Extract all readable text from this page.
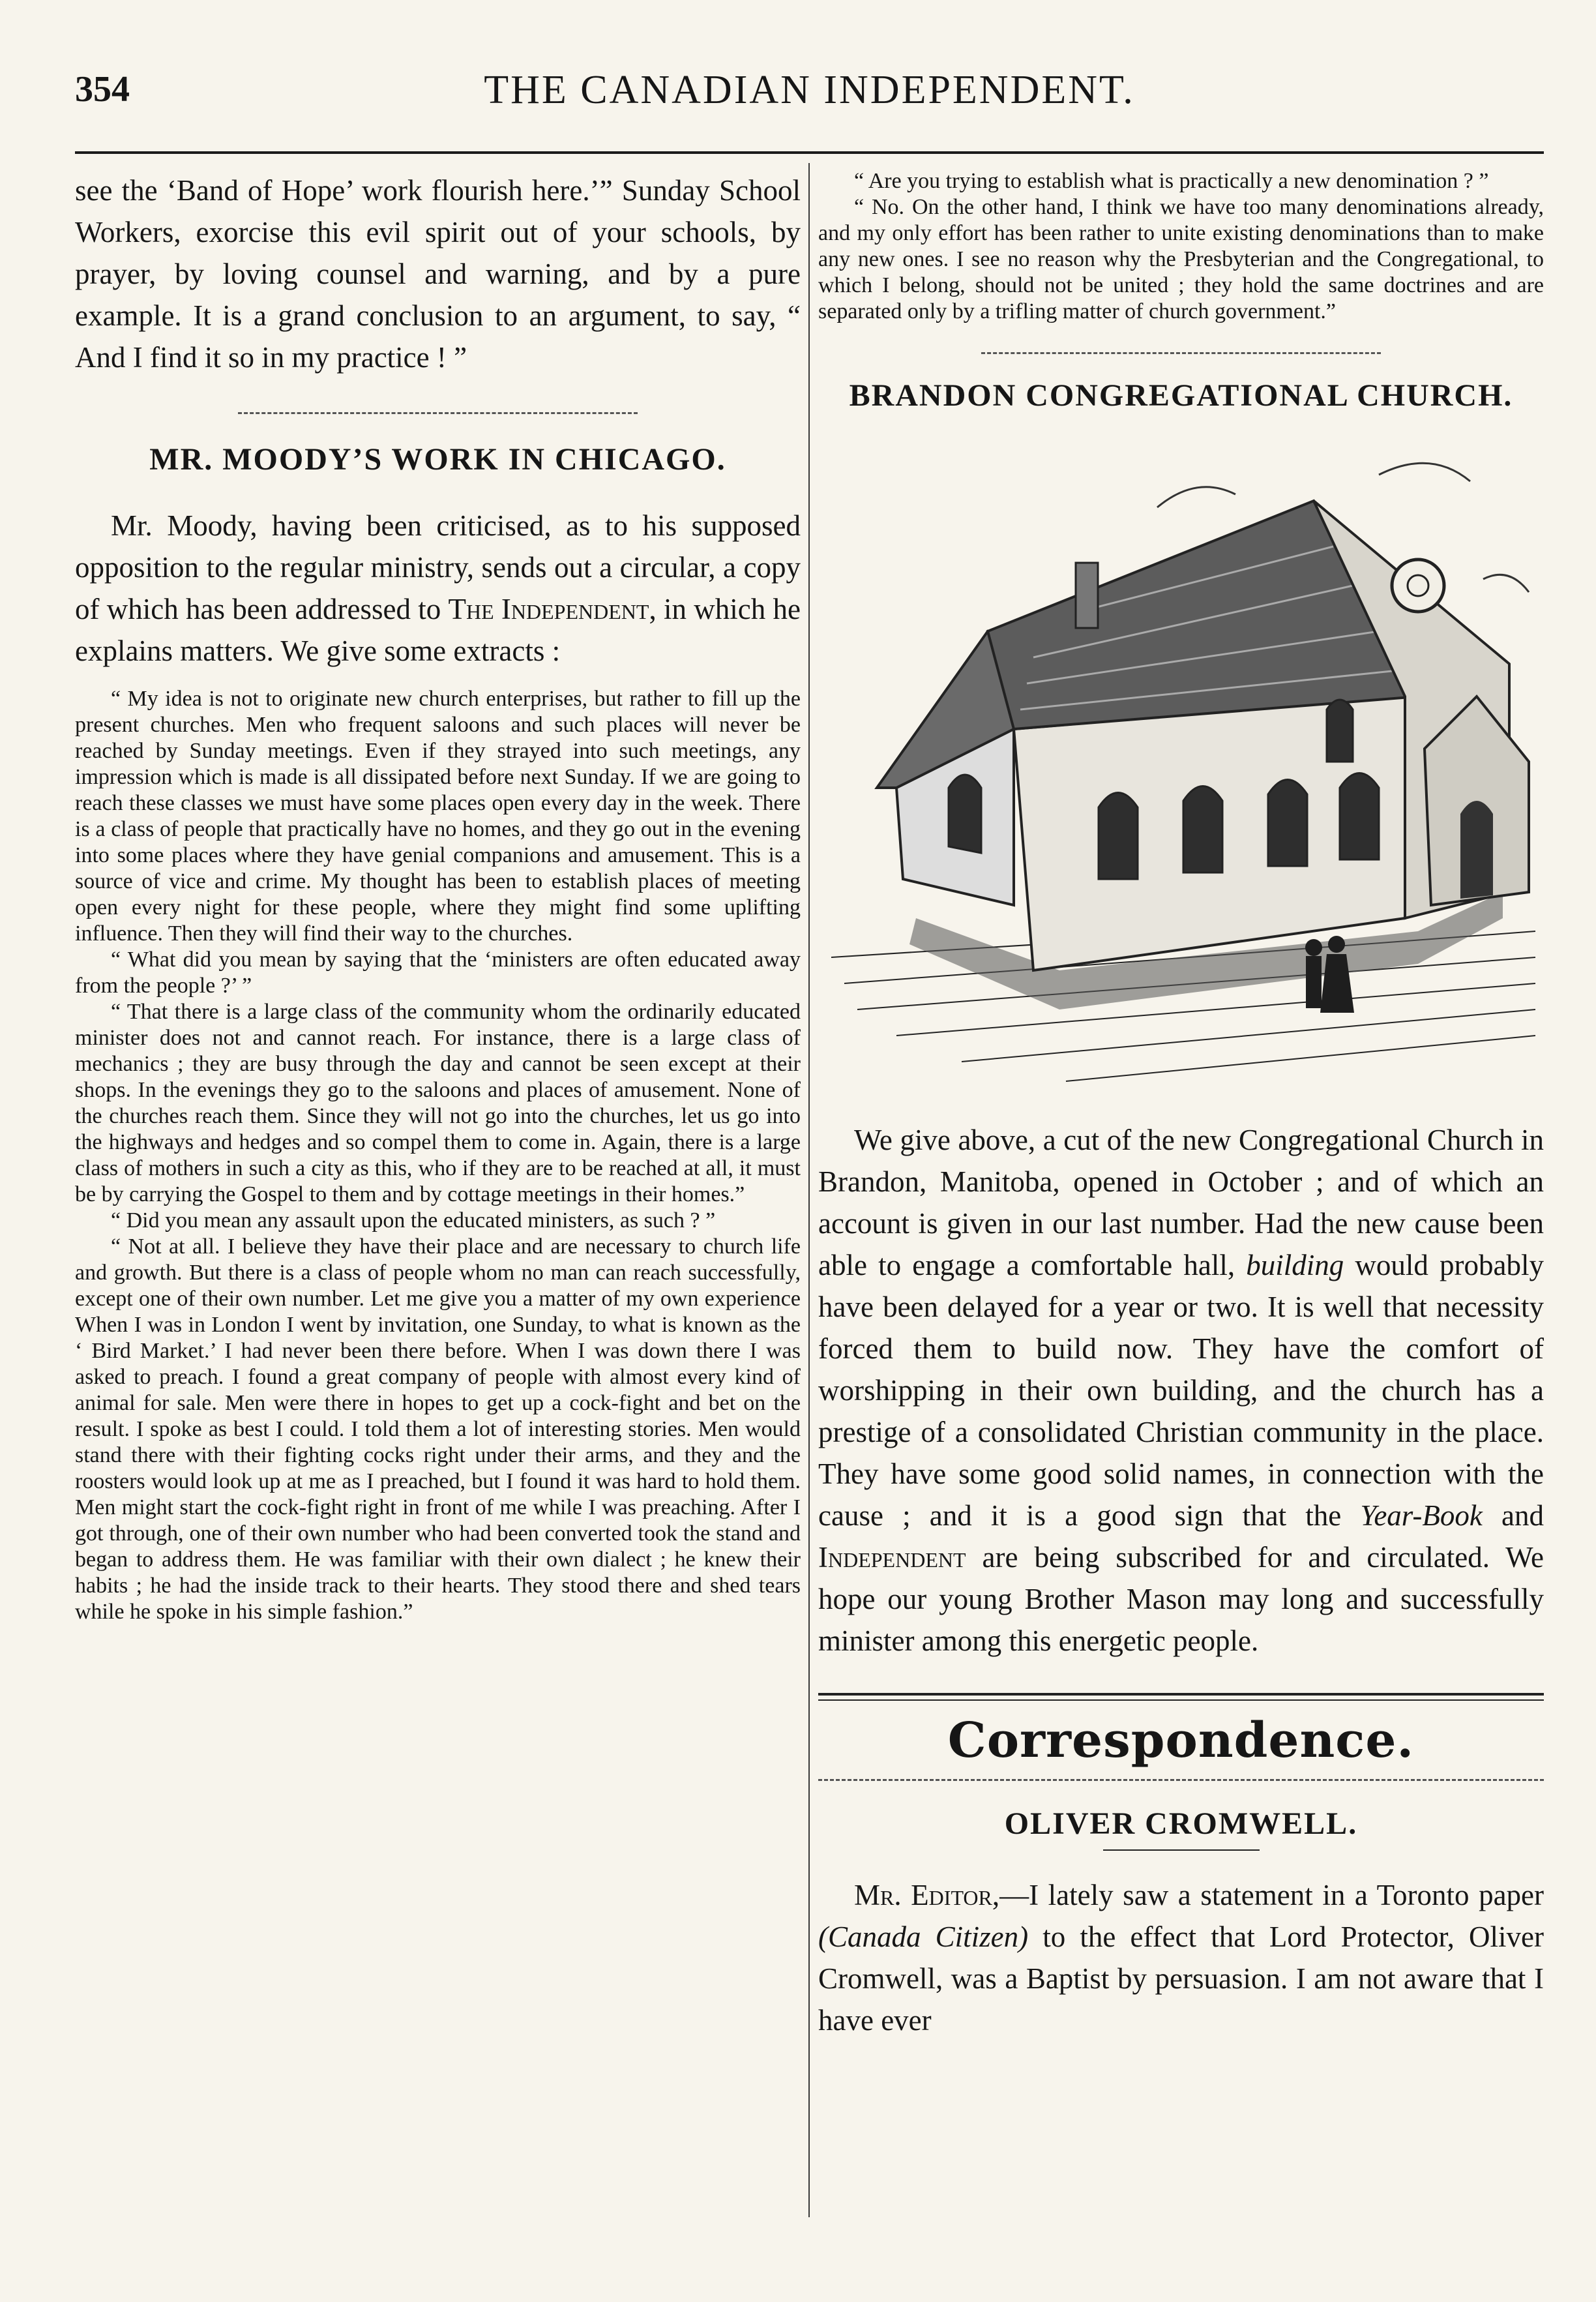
354	THE CANADIAN INDEPENDENT.

see the ‘Band of Hope’ work flourish here.’” Sunday School Workers, exorcise this evil spirit out of your schools, by prayer, by loving counsel and warning, and by a pure example. It is a grand conclusion to an argument, to say, “ And I find it so in my practice ! ”

MR. MOODY’S WORK IN CHICAGO.

Mr. Moody, having been criticised, as to his supposed opposition to the regular ministry, sends out a circular, a copy of which has been addressed to The Independent, in which he explains matters. We give some extracts :

“ My idea is not to originate new church enterprises, but rather to fill up the present churches. Men who frequent saloons and such places will never be reached by Sunday meetings. Even if they strayed into such meetings, any impression which is made is all dissipated before next Sunday. If we are going to reach these classes we must have some places open every day in the week. There is a class of people that practically have no homes, and they go out in the evening into some places where they have genial companions and amusement. This is a source of vice and crime. My thought has been to establish places of meeting open every night for these people, where they might find some uplifting influence. Then they will find their way to the churches.

“ What did you mean by saying that the ‘ministers are often educated away from the people ?’ ”

“ That there is a large class of the community whom the ordinarily educated minister does not and cannot reach. For instance, there is a large class of mechanics ; they are busy through the day and cannot be seen except at their shops. In the evenings they go to the saloons and places of amusement. None of the churches reach them. Since they will not go into the churches, let us go into the highways and hedges and so compel them to come in. Again, there is a large class of mothers in such a city as this, who if they are to be reached at all, it must be by carrying the Gospel to them and by cottage meetings in their homes.”

“ Did you mean any assault upon the educated ministers, as such ? ”

“ Not at all. I believe they have their place and are necessary to church life and growth. But there is a class of people whom no man can reach successfully, except one of their own number. Let me give you a matter of my own experience When I was in London I went by invitation, one Sunday, to what is known as the ‘ Bird Market.’ I had never been there before. When I was down there I was asked to preach. I found a great company of people with almost every kind of animal for sale. Men were there in hopes to get up a cock-fight and bet on the result. I spoke as best I could. I told them a lot of interesting stories. Men would stand there with their fighting cocks right under their arms, and they and the roosters would look up at me as I preached, but I found it was hard to hold them. Men might start the cock-fight right in front of me while I was preaching. After I got through, one of their own number who had been converted took the stand and began to address them. He was familiar with their own dialect ; he knew their habits ; he had the inside track to their hearts. They stood there and shed tears while he spoke in his simple fashion.”

“ Are you trying to establish what is practically a new denomination ? ”

“ No. On the other hand, I think we have too many denominations already, and my only effort has been rather to unite existing denominations than to make any new ones. I see no reason why the Presbyterian and the Congregational, to which I belong, should not be united ; they hold the same doctrines and are separated only by a trifling matter of church government.”

BRANDON CONGREGATIONAL CHURCH.

We give above, a cut of the new Congregational Church in Brandon, Manitoba, opened in October ; and of which an account is given in our last number. Had the new cause been able to engage a comfortable hall, building would probably have been delayed for a year or two. It is well that necessity forced them to build now. They have the comfort of worshipping in their own building, and the church has a prestige of a consolidated Christian community in the place. They have some good solid names, in connection with the cause ; and it is a good sign that the Year-Book and Independent are being subscribed for and circulated. We hope our young Brother Mason may long and successfully minister among this energetic people.

Correspondence.
OLIVER CROMWELL.

Mr. Editor,—I lately saw a statement in a Toronto paper (Canada Citizen) to the effect that Lord Protector, Oliver Cromwell, was a Baptist by persuasion. I am not aware that I have ever
